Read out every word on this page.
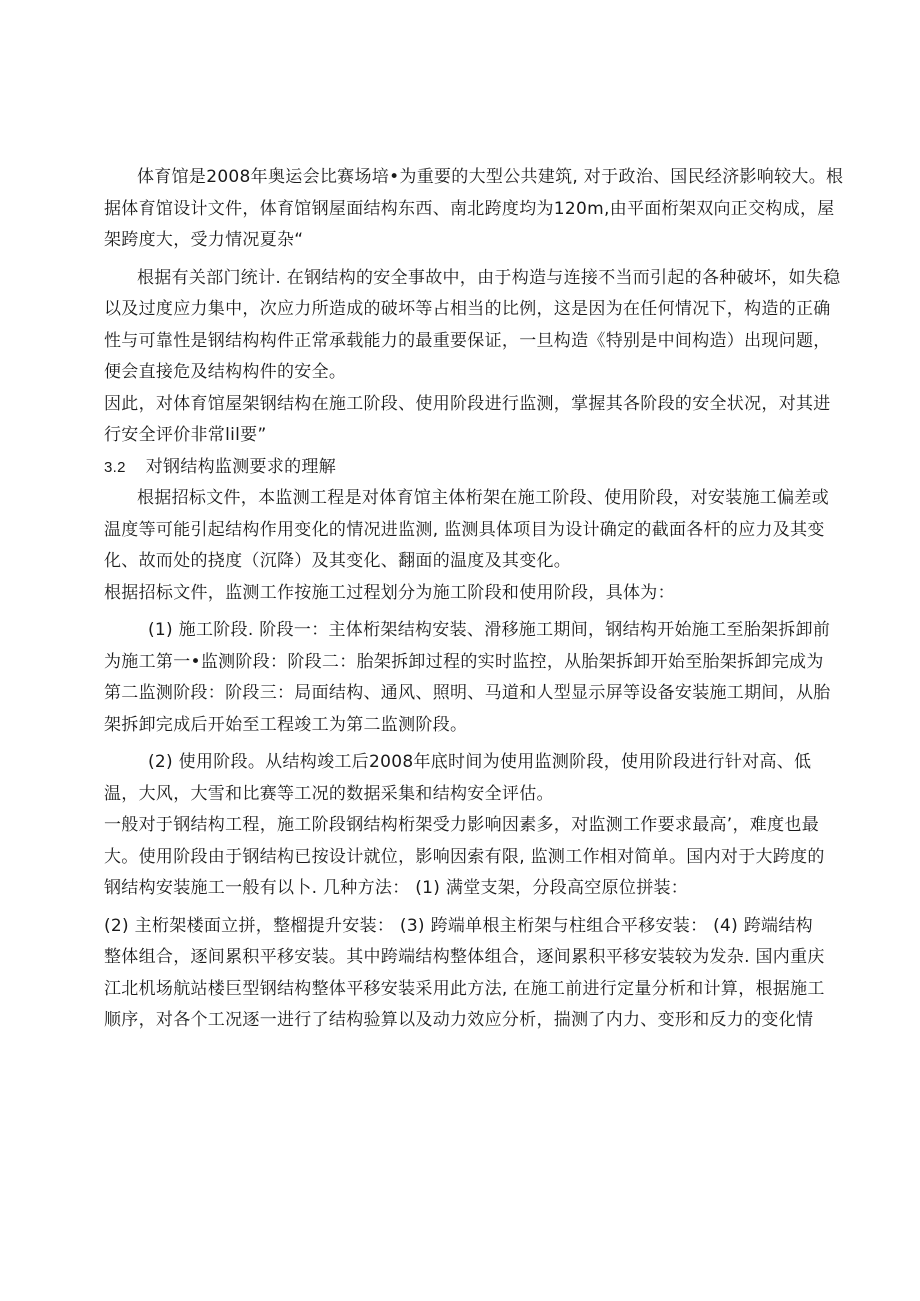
体育馆是2008年奥运会比赛场培•为重要的大型公共建筑, 对于政治、国民经济影响较大。根
据体育馆设计文件，体育馆钢屋面结构东西、南北跨度均为120m,由平面桁架双向正交构成，屋
架跨度大，受力情况夏杂“
根据有关部门统计. 在钢结构的安全事故中，由于构造与连接不当而引起的各种破坏，如失稳
以及过度应力集中，次应力所造成的破坏等占相当的比例，这是因为在任何情况下，构造的正确
性与可靠性是钢结构构件正常承载能力的最重要保证，一旦构造《特别是中间构造）出现问题，
便会直接危及结构构件的安全。
因此，对体育馆屋架钢结构在施工阶段、使用阶段进行监测，掌握其各阶段的安全状况，对其进
行安全评价非常lil要”
3.2 对钢结构监测要求的理解
根据招标文件，本监测工程是对体育馆主体桁架在施工阶段、使用阶段，对安装施工偏差或
温度等可能引起结构作用变化的情况进监测, 监测具体项目为设计确定的截面各杆的应力及其变
化、故而处的挠度（沉降）及其变化、翻面的温度及其变化。
根据招标文件，监测工作按施工过程划分为施工阶段和使用阶段，具体为：
(1) 施工阶段. 阶段一：主体桁架结构安装、滑移施工期间，钢结构开始施工至胎架拆卸前
为施工第一•监测阶段：阶段二：胎架拆卸过程的实时监控，从胎架拆卸开始至胎架拆卸完成为
第二监测阶段：阶段三：局面结构、通风、照明、马道和人型显示屏等设备安装施工期间，从胎
架拆卸完成后开始至工程竣工为第二监测阶段。
(2) 使用阶段。从结构竣工后2008年底时间为使用监测阶段，使用阶段进行针对高、低
温，大风，大雪和比赛等工况的数据采集和结构安全评估。
一般对于钢结构工程，施工阶段钢结构桁架受力影响因素多，对监测工作要求最高’，难度也最
大。使用阶段由于钢结构已按设计就位，影响因索有限, 监测工作相对简单。国内对于大跨度的
钢结构安装施工一般有以卜. 几种方法： (1) 满堂支架，分段高空原位拼装：
(2) 主桁架楼面立拼，整榴提升安装： (3) 跨端单根主桁架与柱组合平移安装： (4) 跨端结构
整体组合，逐间累积平移安装。其中跨端结构整体组合，逐间累积平移安装较为发杂. 国内重庆
江北机场航站楼巨型钢结构整体平移安装采用此方法, 在施工前进行定量分析和计算，根据施工
顺序，对各个工况逐一进行了结构验算以及动力效应分析，揣测了内力、变形和反力的变化情
